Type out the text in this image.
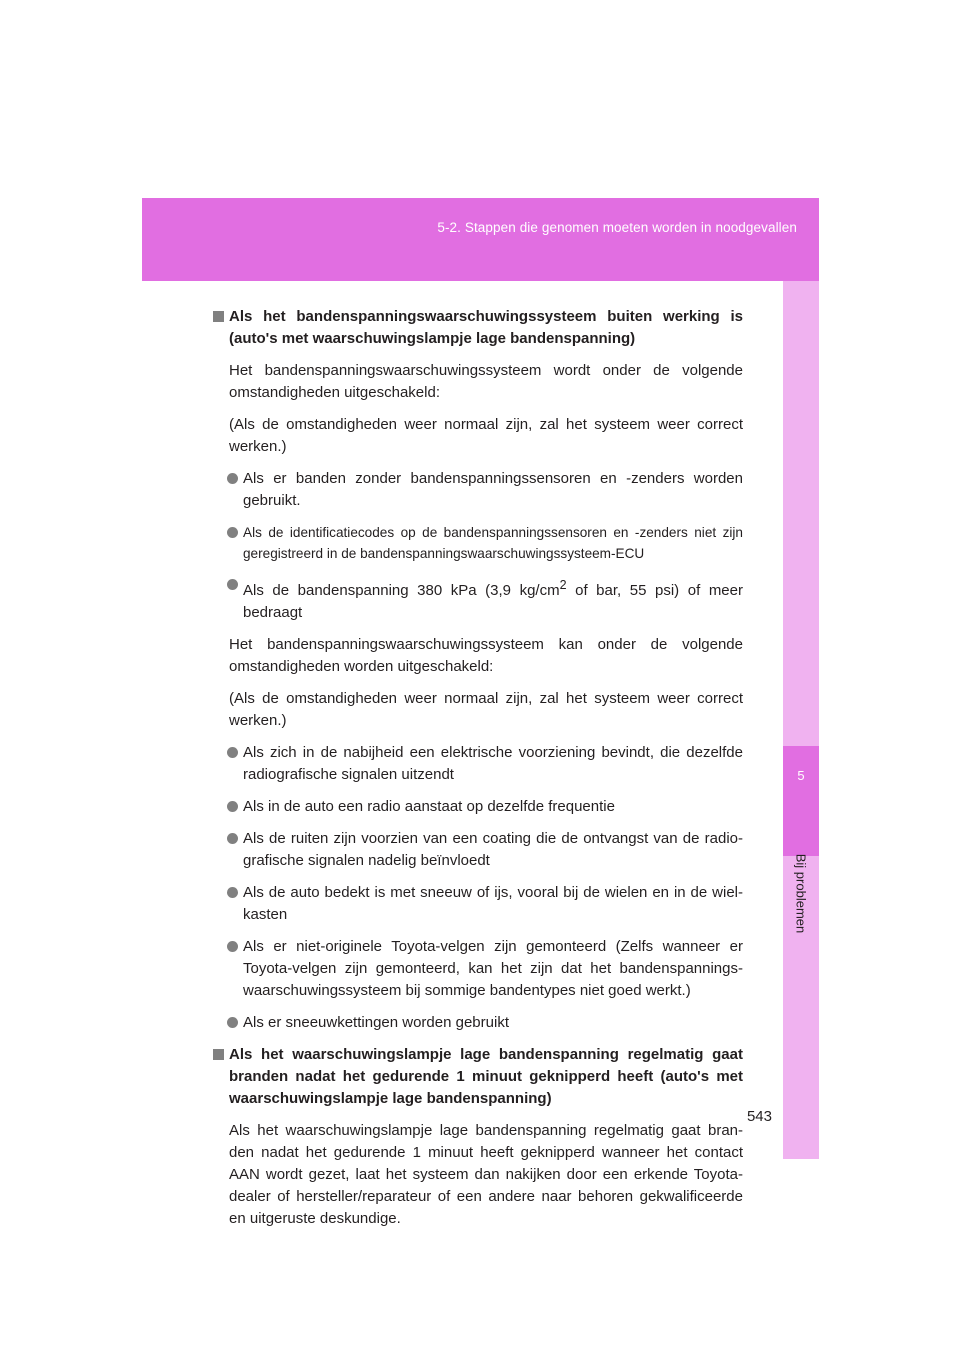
5-2. Stappen die genomen moeten worden in noodgevallen
5
Bij problemen
Als het bandenspanningswaarschuwingssysteem buiten werking is (auto's met waarschuwingslampje lage bandenspanning)
Het bandenspanningswaarschuwingssysteem wordt onder de volgende omstandigheden uitgeschakeld:
(Als de omstandigheden weer normaal zijn, zal het systeem weer correct werken.)
Als er banden zonder bandenspanningssensoren en -zenders worden gebruikt.
Als de identificatiecodes op de bandenspanningssensoren en -zenders niet zijn geregistreerd in de bandenspanningswaarschuwingssysteem-ECU
Als de bandenspanning 380 kPa (3,9 $kg/cm^2$ of bar, 55 psi) of meer bedraagt
Het bandenspanningswaarschuwingssysteem kan onder de volgende omstandigheden worden uitgeschakeld:
(Als de omstandigheden weer normaal zijn, zal het systeem weer correct werken.)
Als zich in de nabijheid een elektrische voorziening bevindt, die dezelfde radiografische signalen uitzendt
Als in de auto een radio aanstaat op dezelfde frequentie
Als de ruiten zijn voorzien van een coating die de ontvangst van de radio-grafische signalen nadelig beïnvloedt
Als de auto bedekt is met sneeuw of ijs, vooral bij de wielen en in de wiel-kasten
Als er niet-originele Toyota-velgen zijn gemonteerd (Zelfs wanneer er Toyota-velgen zijn gemonteerd, kan het zijn dat het bandenspannings-waarschuwingssysteem bij sommige bandentypes niet goed werkt.)
Als er sneeuwkettingen worden gebruikt
Als het waarschuwingslampje lage bandenspanning regelmatig gaat branden nadat het gedurende 1 minuut geknipperd heeft (auto's met waarschuwingslampje lage bandenspanning)
Als het waarschuwingslampje lage bandenspanning regelmatig gaat bran-den nadat het gedurende 1 minuut heeft geknipperd wanneer het contact AAN wordt gezet, laat het systeem dan nakijken door een erkende Toyota-dealer of hersteller/reparateur of een andere naar behoren gekwalificeerde en uitgeruste deskundige.
543
